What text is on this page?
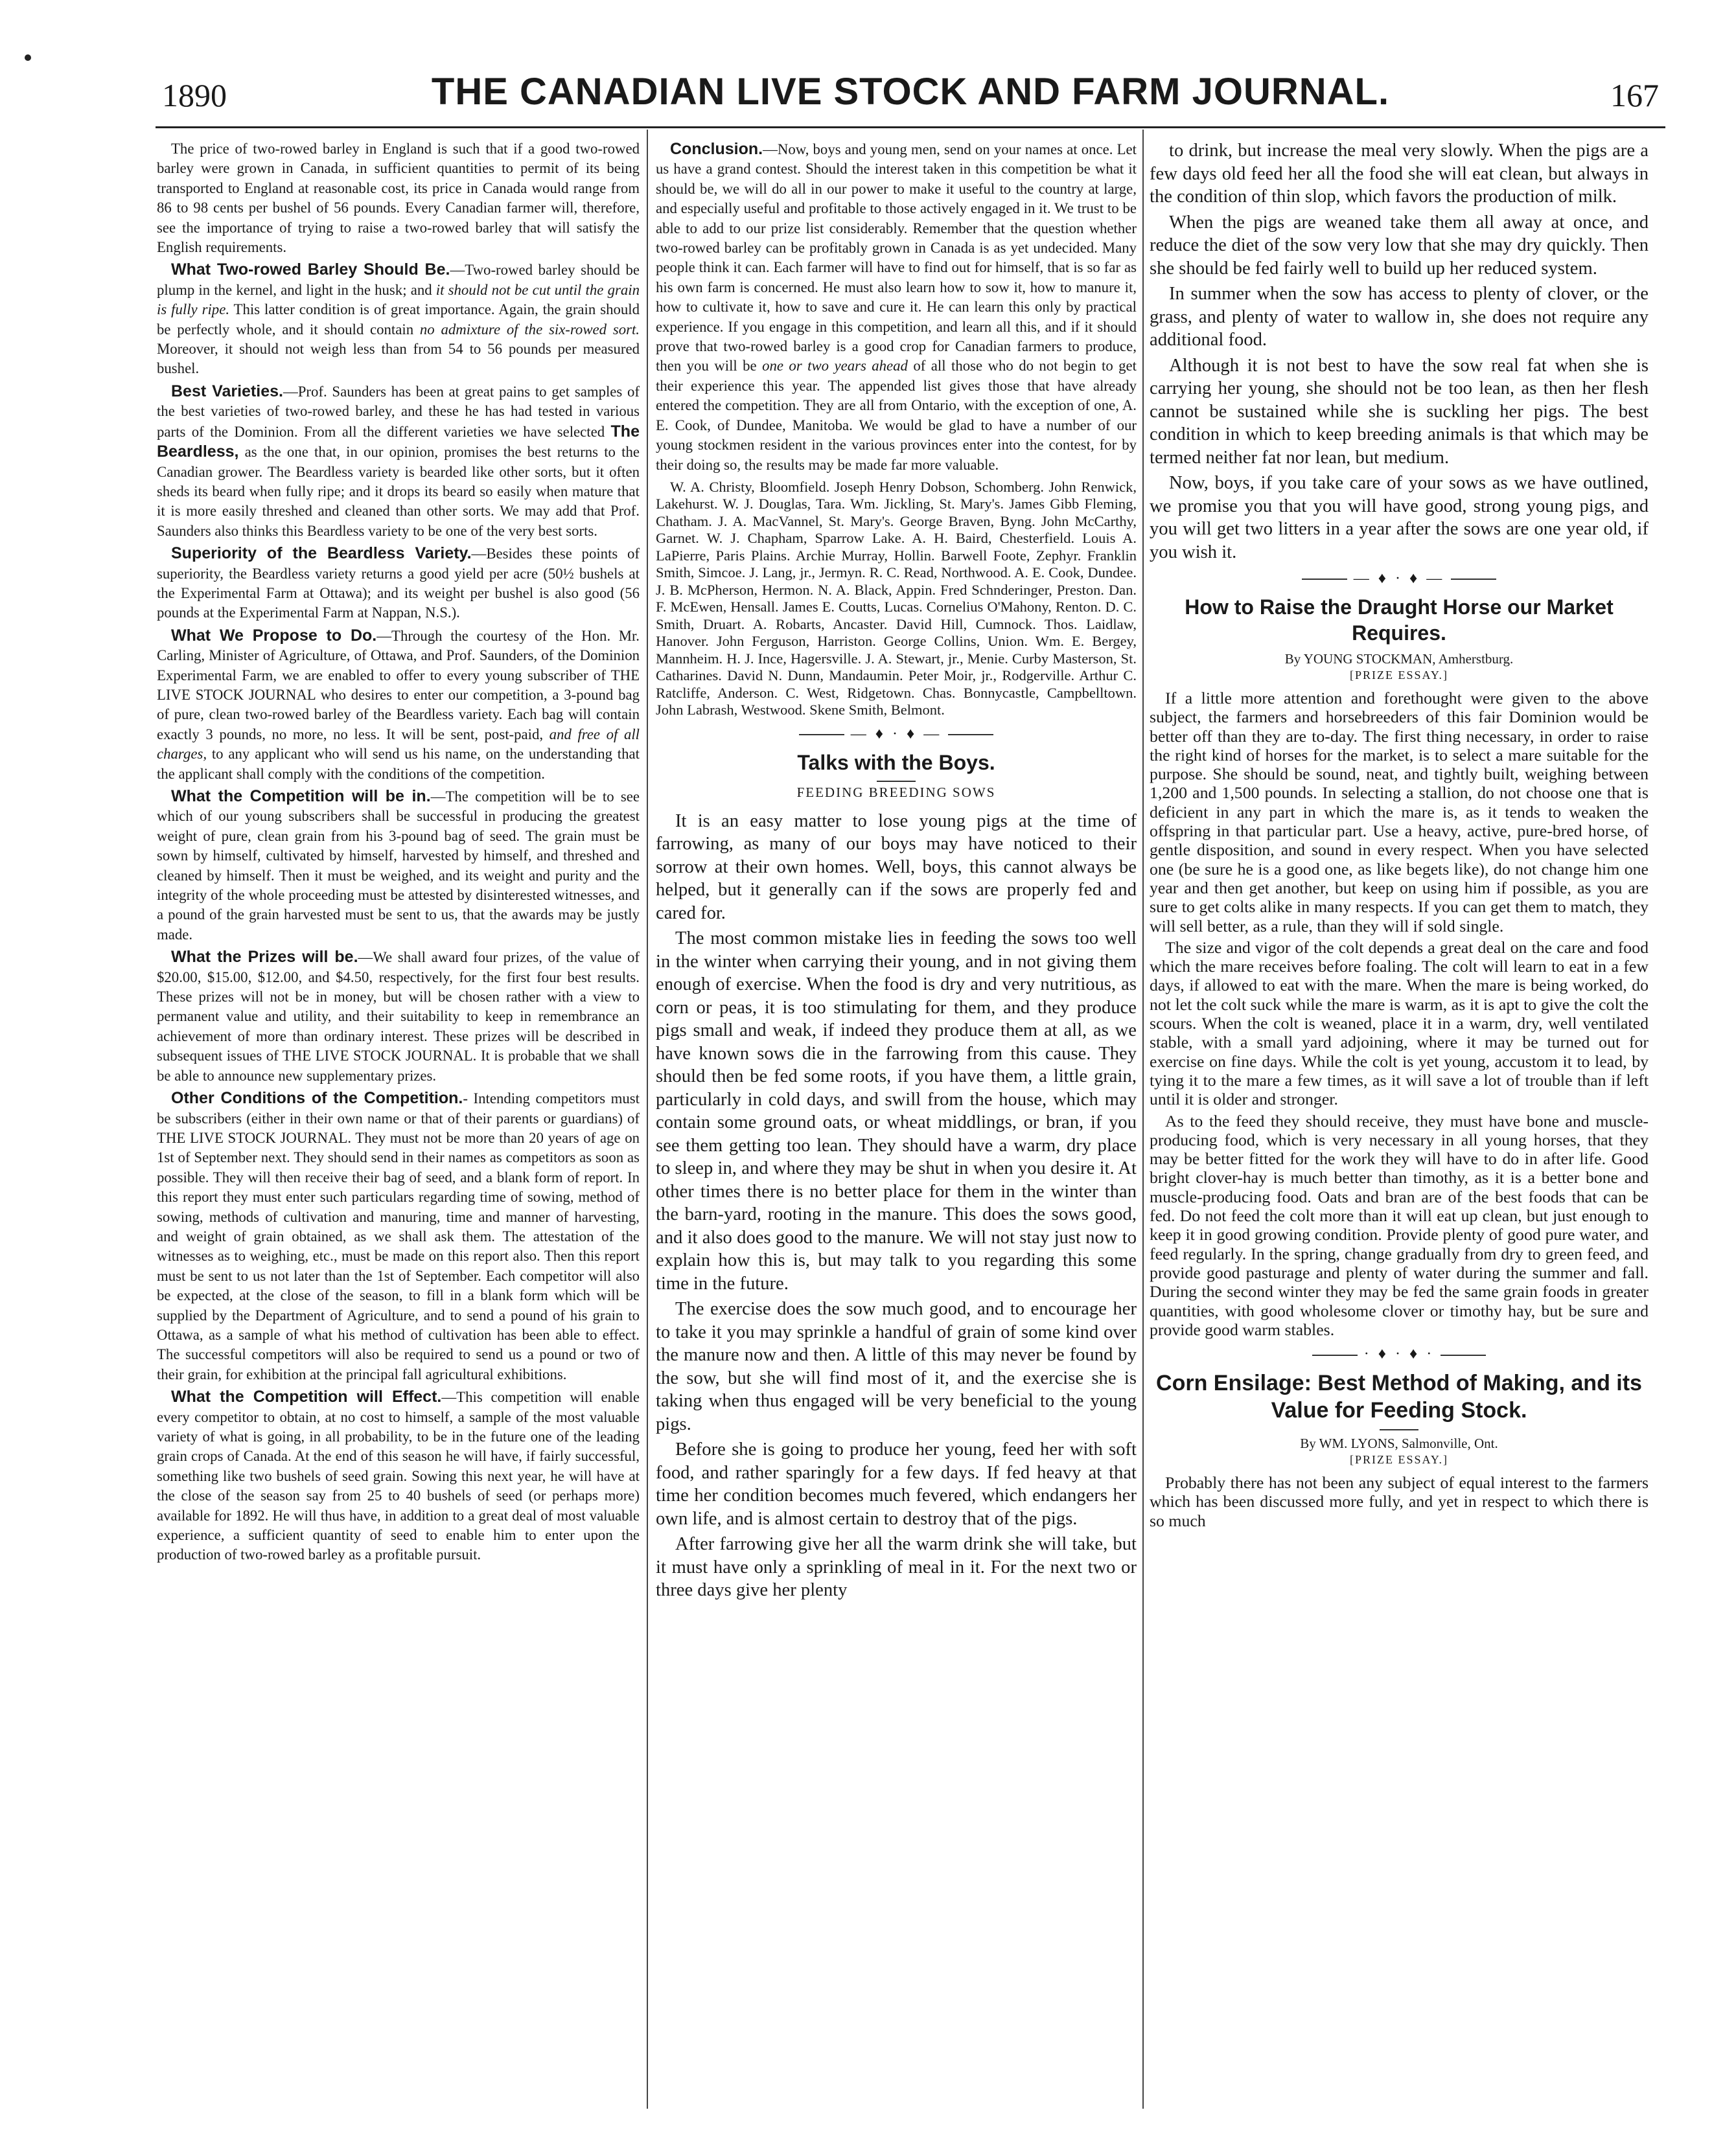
1890	THE CANADIAN LIVE STOCK AND FARM JOURNAL.	167

The price of two-rowed barley in England is such that if a good two-rowed barley were grown in Canada, in sufficient quantities to permit of its being transported to England at reasonable cost, its price in Canada would range from 86 to 98 cents per bushel of 56 pounds. Every Canadian farmer will, therefore, see the importance of trying to raise a two-rowed barley that will satisfy the English requirements.

What Two-rowed Barley Should Be.—Two-rowed barley should be plump in the kernel, and light in the husk; and it should not be cut until the grain is fully ripe. This latter condition is of great importance. Again, the grain should be perfectly whole, and it should contain no admixture of the six-rowed sort. Moreover, it should not weigh less than from 54 to 56 pounds per measured bushel.

Best Varieties.—Prof. Saunders has been at great pains to get samples of the best varieties of two-rowed barley, and these he has had tested in various parts of the Dominion. From all the different varieties we have selected The Beardless, as the one that, in our opinion, promises the best returns to the Canadian grower. The Beardless variety is bearded like other sorts, but it often sheds its beard when fully ripe; and it drops its beard so easily when mature that it is more easily threshed and cleaned than other sorts. We may add that Prof. Saunders also thinks this Beardless variety to be one of the very best sorts.

Superiority of the Beardless Variety.—Besides these points of superiority, the Beardless variety returns a good yield per acre (50½ bushels at the Experimental Farm at Ottawa); and its weight per bushel is also good (56 pounds at the Experimental Farm at Nappan, N.S.).

What We Propose to Do.—Through the courtesy of the Hon. Mr. Carling, Minister of Agriculture, of Ottawa, and Prof. Saunders, of the Dominion Experimental Farm, we are enabled to offer to every young subscriber of THE LIVE STOCK JOURNAL who desires to enter our competition, a 3-pound bag of pure, clean two-rowed barley of the Beardless variety. Each bag will contain exactly 3 pounds, no more, no less. It will be sent, post-paid, and free of all charges, to any applicant who will send us his name, on the understanding that the applicant shall comply with the conditions of the competition.

What the Competition will be in.—The competition will be to see which of our young subscribers shall be successful in producing the greatest weight of pure, clean grain from his 3-pound bag of seed. The grain must be sown by himself, cultivated by himself, harvested by himself, and threshed and cleaned by himself. Then it must be weighed, and its weight and purity and the integrity of the whole proceeding must be attested by disinterested witnesses, and a pound of the grain harvested must be sent to us, that the awards may be justly made.

What the Prizes will be.—We shall award four prizes, of the value of $20.00, $15.00, $12.00, and $4.50, respectively, for the first four best results. These prizes will not be in money, but will be chosen rather with a view to permanent value and utility, and their suitability to keep in remembrance an achievement of more than ordinary interest. These prizes will be described in subsequent issues of THE LIVE STOCK JOURNAL. It is probable that we shall be able to announce new supplementary prizes.

Other Conditions of the Competition.- Intending competitors must be subscribers (either in their own name or that of their parents or guardians) of THE LIVE STOCK JOURNAL. They must not be more than 20 years of age on 1st of September next. They should send in their names as competitors as soon as possible. They will then receive their bag of seed, and a blank form of report. In this report they must enter such particulars regarding time of sowing, method of sowing, methods of cultivation and manuring, time and manner of harvesting, and weight of grain obtained, as we shall ask them. The attestation of the witnesses as to weighing, etc., must be made on this report also. Then this report must be sent to us not later than the 1st of September. Each competitor will also be expected, at the close of the season, to fill in a blank form which will be supplied by the Department of Agriculture, and to send a pound of his grain to Ottawa, as a sample of what his method of cultivation has been able to effect. The successful competitors will also be required to send us a pound or two of their grain, for exhibition at the principal fall agricultural exhibitions.

What the Competition will Effect.—This competition will enable every competitor to obtain, at no cost to himself, a sample of the most valuable variety of what is going, in all probability, to be in the future one of the leading grain crops of Canada. At the end of this season he will have, if fairly successful, something like two bushels of seed grain. Sowing this next year, he will have at the close of the season say from 25 to 40 bushels of seed (or perhaps more) available for 1892. He will thus have, in addition to a great deal of most valuable experience, a sufficient quantity of seed to enable him to enter upon the production of two-rowed barley as a profitable pursuit.

Conclusion.—Now, boys and young men, send on your names at once. Let us have a grand contest. Should the interest taken in this competition be what it should be, we will do all in our power to make it useful to the country at large, and especially useful and profitable to those actively engaged in it. We trust to be able to add to our prize list considerably. Remember that the question whether two-rowed barley can be profitably grown in Canada is as yet undecided. Many people think it can. Each farmer will have to find out for himself, that is so far as his own farm is concerned. He must also learn how to sow it, how to manure it, how to cultivate it, how to save and cure it. He can learn this only by practical experience. If you engage in this competition, and learn all this, and if it should prove that two-rowed barley is a good crop for Canadian farmers to produce, then you will be one or two years ahead of all those who do not begin to get their experience this year. The appended list gives those that have already entered the competition. They are all from Ontario, with the exception of one, A. E. Cook, of Dundee, Manitoba. We would be glad to have a number of our young stockmen resident in the various provinces enter into the contest, for by their doing so, the results may be made far more valuable.

W. A. Christy, Bloomfield. Joseph Henry Dobson, Schomberg. John Renwick, Lakehurst. W. J. Douglas, Tara. Wm. Jickling, St. Mary's. James Gibb Fleming, Chatham. J. A. MacVannel, St. Mary's. George Braven, Byng. John McCarthy, Garnet. W. J. Chapham, Sparrow Lake. A. H. Baird, Chesterfield. Louis A. LaPierre, Paris Plains. Archie Murray, Hollin. Barwell Foote, Zephyr. Franklin Smith, Simcoe. J. Lang, jr., Jermyn. R. C. Read, Northwood. A. E. Cook, Dundee. J. B. McPherson, Hermon. N. A. Black, Appin. Fred Schnderinger, Preston. Dan. F. McEwen, Hensall. James E. Coutts, Lucas. Cornelius O'Mahony, Renton. D. C. Smith, Druart. A. Robarts, Ancaster. David Hill, Cumnock. Thos. Laidlaw, Hanover. John Ferguson, Harriston. George Collins, Union. Wm. E. Bergey, Mannheim. H. J. Ince, Hagersville. J. A. Stewart, jr., Menie. Curby Masterson, St. Catharines. David N. Dunn, Mandaumin. Peter Moir, jr., Rodgerville. Arthur C. Ratcliffe, Anderson. C. West, Ridgetown. Chas. Bonnycastle, Campbelltown. John Labrash, Westwood. Skene Smith, Belmont.
— ♦ · ♦ —
Talks with the Boys.
FEEDING BREEDING SOWS

It is an easy matter to lose young pigs at the time of farrowing, as many of our boys may have noticed to their sorrow at their own homes. Well, boys, this cannot always be helped, but it generally can if the sows are properly fed and cared for.

The most common mistake lies in feeding the sows too well in the winter when carrying their young, and in not giving them enough of exercise. When the food is dry and very nutritious, as corn or peas, it is too stimulating for them, and they produce pigs small and weak, if indeed they produce them at all, as we have known sows die in the farrowing from this cause. They should then be fed some roots, if you have them, a little grain, particularly in cold days, and swill from the house, which may contain some ground oats, or wheat middlings, or bran, if you see them getting too lean. They should have a warm, dry place to sleep in, and where they may be shut in when you desire it. At other times there is no better place for them in the winter than the barn-yard, rooting in the manure. This does the sows good, and it also does good to the manure. We will not stay just now to explain how this is, but may talk to you regarding this some time in the future.

The exercise does the sow much good, and to encourage her to take it you may sprinkle a handful of grain of some kind over the manure now and then. A little of this may never be found by the sow, but she will find most of it, and the exercise she is taking when thus engaged will be very beneficial to the young pigs.

Before she is going to produce her young, feed her with soft food, and rather sparingly for a few days. If fed heavy at that time her condition becomes much fevered, which endangers her own life, and is almost certain to destroy that of the pigs.

After farrowing give her all the warm drink she will take, but it must have only a sprinkling of meal in it. For the next two or three days give her plenty

to drink, but increase the meal very slowly. When the pigs are a few days old feed her all the food she will eat clean, but always in the condition of thin slop, which favors the production of milk.

When the pigs are weaned take them all away at once, and reduce the diet of the sow very low that she may dry quickly. Then she should be fed fairly well to build up her reduced system.

In summer when the sow has access to plenty of clover, or the grass, and plenty of water to wallow in, she does not require any additional food.

Although it is not best to have the sow real fat when she is carrying her young, she should not be too lean, as then her flesh cannot be sustained while she is suckling her pigs. The best condition in which to keep breeding animals is that which may be termed neither fat nor lean, but medium.

Now, boys, if you take care of your sows as we have outlined, we promise you that you will have good, strong young pigs, and you will get two litters in a year after the sows are one year old, if you wish it.

— ♦ · ♦ —
How to Raise the Draught Horse our Market Requires.
By YOUNG STOCKMAN, Amherstburg.
[PRIZE ESSAY.]

If a little more attention and forethought were given to the above subject, the farmers and horsebreeders of this fair Dominion would be better off than they are to-day. The first thing necessary, in order to raise the right kind of horses for the market, is to select a mare suitable for the purpose. She should be sound, neat, and tightly built, weighing between 1,200 and 1,500 pounds. In selecting a stallion, do not choose one that is deficient in any part in which the mare is, as it tends to weaken the offspring in that particular part. Use a heavy, active, pure-bred horse, of gentle disposition, and sound in every respect. When you have selected one (be sure he is a good one, as like begets like), do not change him one year and then get another, but keep on using him if possible, as you are sure to get colts alike in many respects. If you can get them to match, they will sell better, as a rule, than they will if sold single.

The size and vigor of the colt depends a great deal on the care and food which the mare receives before foaling. The colt will learn to eat in a few days, if allowed to eat with the mare. When the mare is being worked, do not let the colt suck while the mare is warm, as it is apt to give the colt the scours. When the colt is weaned, place it in a warm, dry, well ventilated stable, with a small yard adjoining, where it may be turned out for exercise on fine days. While the colt is yet young, accustom it to lead, by tying it to the mare a few times, as it will save a lot of trouble than if left until it is older and stronger.

As to the feed they should receive, they must have bone and muscle-producing food, which is very necessary in all young horses, that they may be better fitted for the work they will have to do in after life. Good bright clover-hay is much better than timothy, as it is a better bone and muscle-producing food. Oats and bran are of the best foods that can be fed. Do not feed the colt more than it will eat up clean, but just enough to keep it in good growing condition. Provide plenty of good pure water, and feed regularly. In the spring, change gradually from dry to green feed, and provide good pasturage and plenty of water during the summer and fall. During the second winter they may be fed the same grain foods in greater quantities, with good wholesome clover or timothy hay, but be sure and provide good warm stables.

· ♦ · ♦ ·
Corn Ensilage: Best Method of Making, and its Value for Feeding Stock.
By WM. LYONS, Salmonville, Ont.
[PRIZE ESSAY.]

Probably there has not been any subject of equal interest to the farmers which has been discussed more fully, and yet in respect to which there is so much
